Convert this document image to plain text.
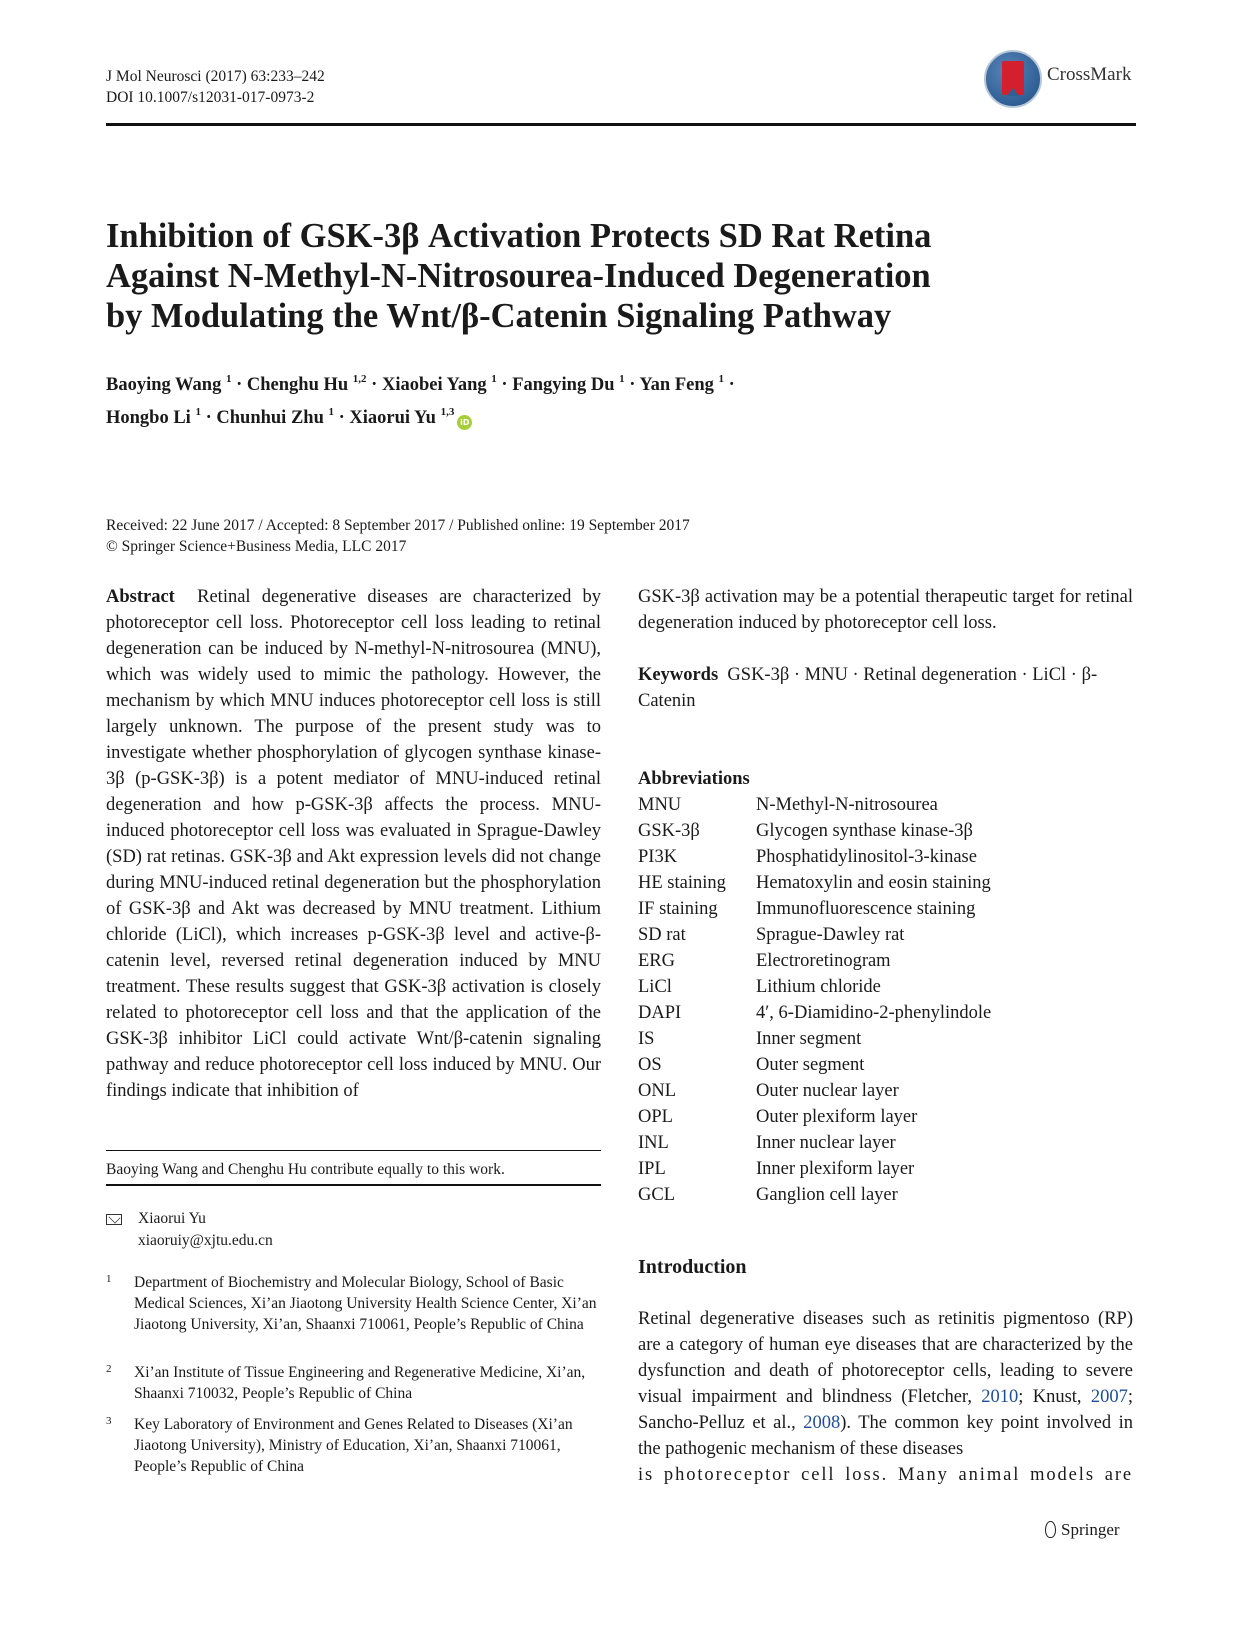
J Mol Neurosci (2017) 63:233–242
DOI 10.1007/s12031-017-0973-2
CrossMark
Inhibition of GSK-3β Activation Protects SD Rat Retina
Against N-Methyl-N-Nitrosourea-Induced Degeneration
by Modulating the Wnt/β-Catenin Signaling Pathway
Baoying Wang $^1$ · Chenghu Hu $^{1,2}$ · Xiaobei Yang $^1$ · Fangying Du $^1$ · Yan Feng $^1$ ·
Hongbo Li $^1$ · Chunhui Zhu $^1$ · Xiaorui Yu $^{1,3}$iD
Received: 22 June 2017 / Accepted: 8 September 2017 / Published online: 19 September 2017
© Springer Science+Business Media, LLC 2017
Abstract Retinal degenerative diseases are characterized by photoreceptor cell loss. Photoreceptor cell loss leading to retinal degeneration can be induced by N-methyl-N-nitrosourea (MNU), which was widely used to mimic the pathology. However, the mechanism by which MNU induces photoreceptor cell loss is still largely unknown. The purpose of the present study was to investigate whether phosphorylation of glycogen synthase kinase-3β (p-GSK-3β) is a potent mediator of MNU-induced retinal degeneration and how p-GSK-3β affects the process. MNU-induced photoreceptor cell loss was evaluated in Sprague-Dawley (SD) rat retinas. GSK-3β and Akt expression levels did not change during MNU-induced retinal degeneration but the phosphorylation of GSK-3β and Akt was decreased by MNU treatment. Lithium chloride (LiCl), which increases p-GSK-3β level and active-β-catenin level, reversed retinal degeneration induced by MNU treatment. These results suggest that GSK-3β activation is closely related to photoreceptor cell loss and that the application of the GSK-3β inhibitor LiCl could activate Wnt/β-catenin signaling pathway and reduce photoreceptor cell loss induced by MNU. Our findings indicate that inhibition of
Baoying Wang and Chenghu Hu contribute equally to this work.
Xiaorui Yu
xiaoruiy@xjtu.edu.cn
1 Department of Biochemistry and Molecular Biology, School of Basic Medical Sciences, Xi’an Jiaotong University Health Science Center, Xi’an Jiaotong University, Xi’an, Shaanxi 710061, People’s Republic of China
2 Xi’an Institute of Tissue Engineering and Regenerative Medicine, Xi’an, Shaanxi 710032, People’s Republic of China
3 Key Laboratory of Environment and Genes Related to Diseases (Xi’an Jiaotong University), Ministry of Education, Xi’an, Shaanxi 710061, People’s Republic of China
GSK-3β activation may be a potential therapeutic target for retinal degeneration induced by photoreceptor cell loss.
Keywords GSK-3β · MNU · Retinal degeneration · LiCl · β-Catenin
Abbreviations
MNU	N-Methyl-N-nitrosourea
GSK-3β	Glycogen synthase kinase-3β
PI3K	Phosphatidylinositol-3-kinase
HE staining	Hematoxylin and eosin staining
IF staining	Immunofluorescence staining
SD rat	Sprague-Dawley rat
ERG	Electroretinogram
LiCl	Lithium chloride
DAPI	4′, 6-Diamidino-2-phenylindole
IS	Inner segment
OS	Outer segment
ONL	Outer nuclear layer
OPL	Outer plexiform layer
INL	Inner nuclear layer
IPL	Inner plexiform layer
GCL	Ganglion cell layer
Introduction
Retinal degenerative diseases such as retinitis pigmentoso (RP) are a category of human eye diseases that are characterized by the dysfunction and death of photoreceptor cells, leading to severe visual impairment and blindness (Fletcher, 2010; Knust, 2007; Sancho-Pelluz et al., 2008). The common key point involved in the pathogenic mechanism of these diseases
is photoreceptor cell loss. Many animal models are
Springer
